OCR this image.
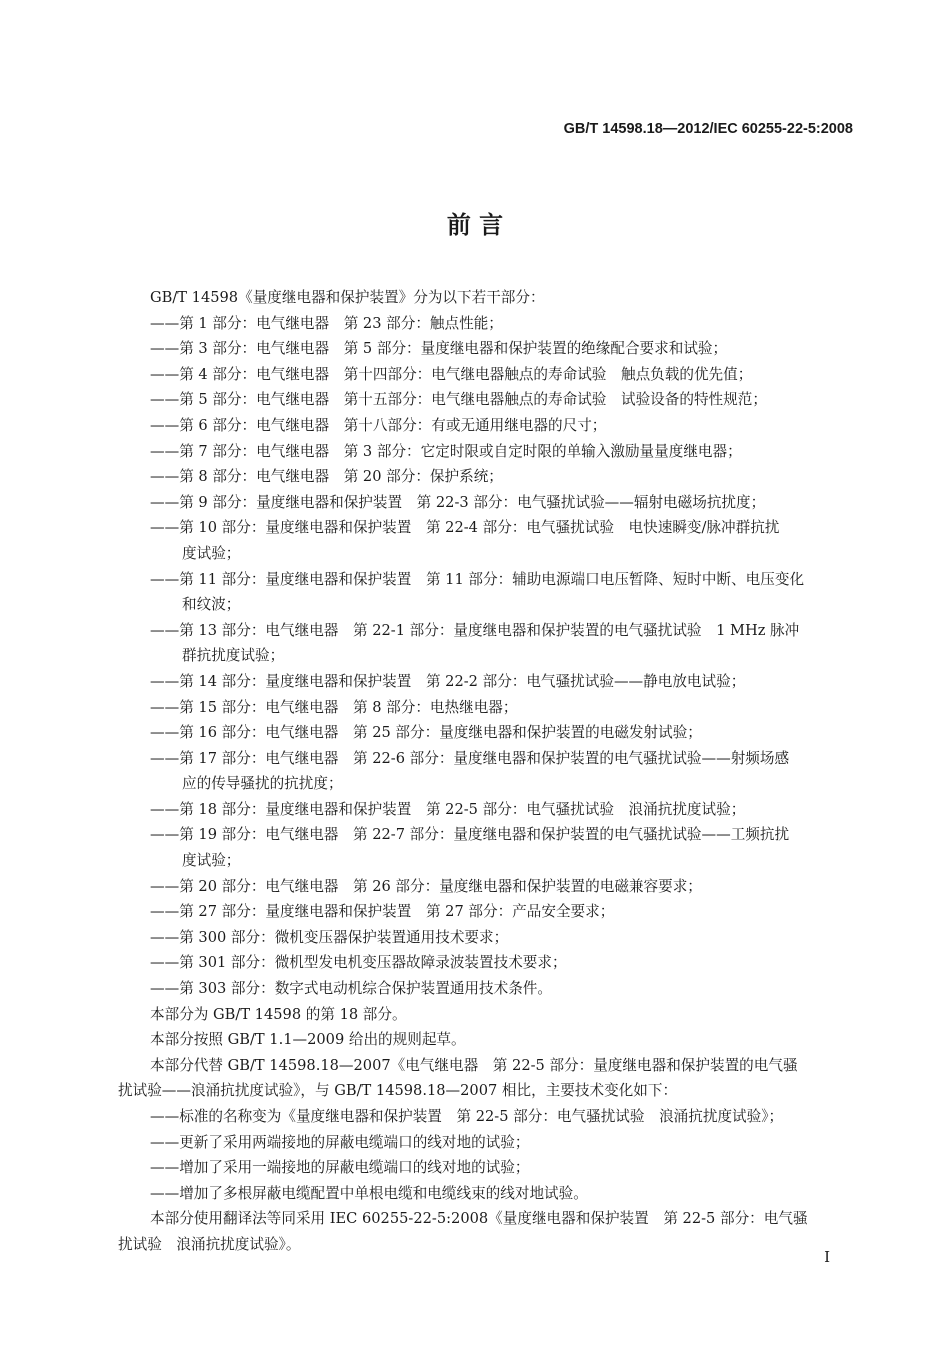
GB/T 14598.18—2012/IEC 60255-22-5:2008
前 言
GB/T 14598《量度继电器和保护装置》分为以下若干部分：
——第 1 部分：电气继电器　第 23 部分：触点性能；
——第 3 部分：电气继电器　第 5 部分：量度继电器和保护装置的绝缘配合要求和试验；
——第 4 部分：电气继电器　第十四部分：电气继电器触点的寿命试验　触点负载的优先值；
——第 5 部分：电气继电器　第十五部分：电气继电器触点的寿命试验　试验设备的特性规范；
——第 6 部分：电气继电器　第十八部分：有或无通用继电器的尺寸；
——第 7 部分：电气继电器　第 3 部分：它定时限或自定时限的单输入激励量量度继电器；
——第 8 部分：电气继电器　第 20 部分：保护系统；
——第 9 部分：量度继电器和保护装置　第 22-3 部分：电气骚扰试验——辐射电磁场抗扰度；
——第 10 部分：量度继电器和保护装置　第 22-4 部分：电气骚扰试验　电快速瞬变/脉冲群抗扰
度试验；
——第 11 部分：量度继电器和保护装置　第 11 部分：辅助电源端口电压暂降、短时中断、电压变化
和纹波；
——第 13 部分：电气继电器　第 22-1 部分：量度继电器和保护装置的电气骚扰试验　1 MHz 脉冲
群抗扰度试验；
——第 14 部分：量度继电器和保护装置　第 22-2 部分：电气骚扰试验——静电放电试验；
——第 15 部分：电气继电器　第 8 部分：电热继电器；
——第 16 部分：电气继电器　第 25 部分：量度继电器和保护装置的电磁发射试验；
——第 17 部分：电气继电器　第 22-6 部分：量度继电器和保护装置的电气骚扰试验——射频场感
应的传导骚扰的抗扰度；
——第 18 部分：量度继电器和保护装置　第 22-5 部分：电气骚扰试验　浪涌抗扰度试验；
——第 19 部分：电气继电器　第 22-7 部分：量度继电器和保护装置的电气骚扰试验——工频抗扰
度试验；
——第 20 部分：电气继电器　第 26 部分：量度继电器和保护装置的电磁兼容要求；
——第 27 部分：量度继电器和保护装置　第 27 部分：产品安全要求；
——第 300 部分：微机变压器保护装置通用技术要求；
——第 301 部分：微机型发电机变压器故障录波装置技术要求；
——第 303 部分：数字式电动机综合保护装置通用技术条件。
本部分为 GB/T 14598 的第 18 部分。
本部分按照 GB/T 1.1—2009 给出的规则起草。
本部分代替 GB/T 14598.18—2007《电气继电器　第 22-5 部分：量度继电器和保护装置的电气骚
扰试验——浪涌抗扰度试验》，与 GB/T 14598.18—2007 相比，主要技术变化如下：
——标准的名称变为《量度继电器和保护装置　第 22-5 部分：电气骚扰试验　浪涌抗扰度试验》；
——更新了采用两端接地的屏蔽电缆端口的线对地的试验；
——增加了采用一端接地的屏蔽电缆端口的线对地的试验；
——增加了多根屏蔽电缆配置中单根电缆和电缆线束的线对地试验。
本部分使用翻译法等同采用 IEC 60255-22-5:2008《量度继电器和保护装置　第 22-5 部分：电气骚
扰试验　浪涌抗扰度试验》。
I
